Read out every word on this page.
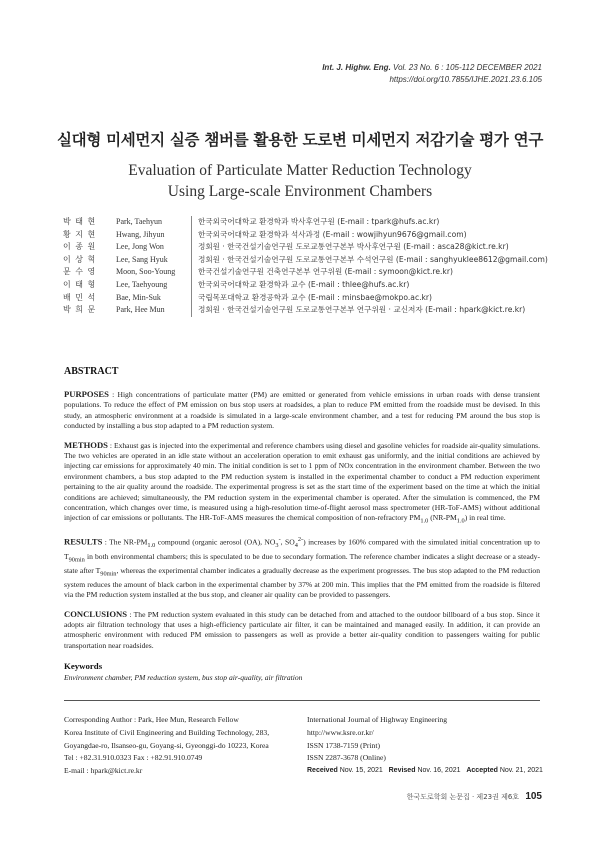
Int. J. Highw. Eng. Vol. 23 No. 6 : 105-112 DECEMBER 2021
https://doi.org/10.7855/IJHE.2021.23.6.105
실대형 미세먼지 실증 챔버를 활용한 도로변 미세먼지 저감기술 평가 연구
Evaluation of Particulate Matter Reduction Technology
Using Large-scale Environment Chambers
박 태 현	Park, Taehyun	한국외국어대학교 환경학과 박사후연구원 (E-mail : tpark@hufs.ac.kr)
황 지 현	Hwang, Jihyun	한국외국어대학교 환경학과 석사과정 (E-mail : wowjihyun9676@gmail.com)
이 종 원	Lee, Jong Won	정회원 · 한국건설기술연구원 도로교통연구본부 박사후연구원 (E-mail : asca28@kict.re.kr)
이 상 혁	Lee, Sang Hyuk	정회원 · 한국건설기술연구원 도로교통연구본부 수석연구원 (E-mail : sanghyuklee8612@gmail.com)
문 수 영	Moon, Soo-Young	한국건설기술연구원 건축연구본부 연구위원 (E-mail : symoon@kict.re.kr)
이 태 형	Lee, Taehyoung	한국외국어대학교 환경학과 교수 (E-mail : thlee@hufs.ac.kr)
배 민 석	Bae, Min-Suk	국립목포대학교 환경공학과 교수 (E-mail : minsbae@mokpo.ac.kr)
박 희 문	Park, Hee Mun	정회원 · 한국건설기술연구원 도로교통연구본부 연구위원 · 교신저자 (E-mail : hpark@kict.re.kr)
ABSTRACT

PURPOSES : High concentrations of particulate matter (PM) are emitted or generated from vehicle emissions in urban roads with dense transient populations. To reduce the effect of PM emission on bus stop users at roadsides, a plan to reduce PM emitted from the roadside must be devised. In this study, an atmospheric environment at a roadside is simulated in a large-scale environment chamber, and a test for reducing PM around the bus stop is conducted by installing a bus stop adapted to a PM reduction system.

METHODS : Exhaust gas is injected into the experimental and reference chambers using diesel and gasoline vehicles for roadside air-quality simulations. The two vehicles are operated in an idle state without an acceleration operation to emit exhaust gas uniformly, and the initial conditions are achieved by injecting car emissions for approximately 40 min. The initial condition is set to 1 ppm of NOx concentration in the environment chamber. Between the two environment chambers, a bus stop adapted to the PM reduction system is installed in the experimental chamber to conduct a PM reduction experiment pertaining to the air quality around the roadside. The experimental progress is set as the start time of the experiment based on the time at which the initial conditions are achieved; simultaneously, the PM reduction system in the experimental chamber is operated. After the simulation is commenced, the PM concentration, which changes over time, is measured using a high-resolution time-of-flight aerosol mass spectrometer (HR-ToF-AMS) without additional injection of car emissions or pollutants. The HR-ToF-AMS measures the chemical composition of non-refractory $PM_{1.0}$ $(NR-PM_{1.0})$ in real time.

RESULTS : The $NR-PM_{1.0}$ compound (organic aerosol (OA), $NO_3^-$, $SO_4^{2-}$) increases by 160% compared with the simulated initial concentration up to $T_{90min}$ in both environmental chambers; this is speculated to be due to secondary formation. The reference chamber indicates a slight decrease or a steady-state after $T_{90min}$, whereas the experimental chamber indicates a gradually decrease as the experiment progresses. The bus stop adapted to the PM reduction system reduces the amount of black carbon in the experimental chamber by 37% at 200 min. This implies that the PM emitted from the roadside is filtered via the PM reduction system installed at the bus stop, and cleaner air quality can be provided to passengers.

CONCLUSIONS : The PM reduction system evaluated in this study can be detached from and attached to the outdoor billboard of a bus stop. Since it adopts air filtration technology that uses a high-efficiency particulate air filter, it can be maintained and managed easily. In addition, it can provide an atmospheric environment with reduced PM emission to passengers as well as provide a better air-quality condition to passengers waiting for public transportation near roadsides.

Keywords
Environment chamber, PM reduction system, bus stop air-quality, air filtration
Corresponding Author : Park, Hee Mun, Research Fellow
Korea Institute of Civil Engineering and Building Technology, 283,
Goyangdae-ro, Ilsanseo-gu, Goyang-si, Gyeonggi-do 10223, Korea
Tel : +82.31.910.0323 Fax : +82.91.910.0749
E-mail : hpark@kict.re.kr
International Journal of Highway Engineering
http://www.ksre.or.kr/
ISSN 1738-7159 (Print)
ISSN 2287-3678 (Online)
Received Nov. 15, 2021 Revised Nov. 16, 2021 Accepted Nov. 21, 2021
한국도로학회 논문집 · 제23권 제6호 105
